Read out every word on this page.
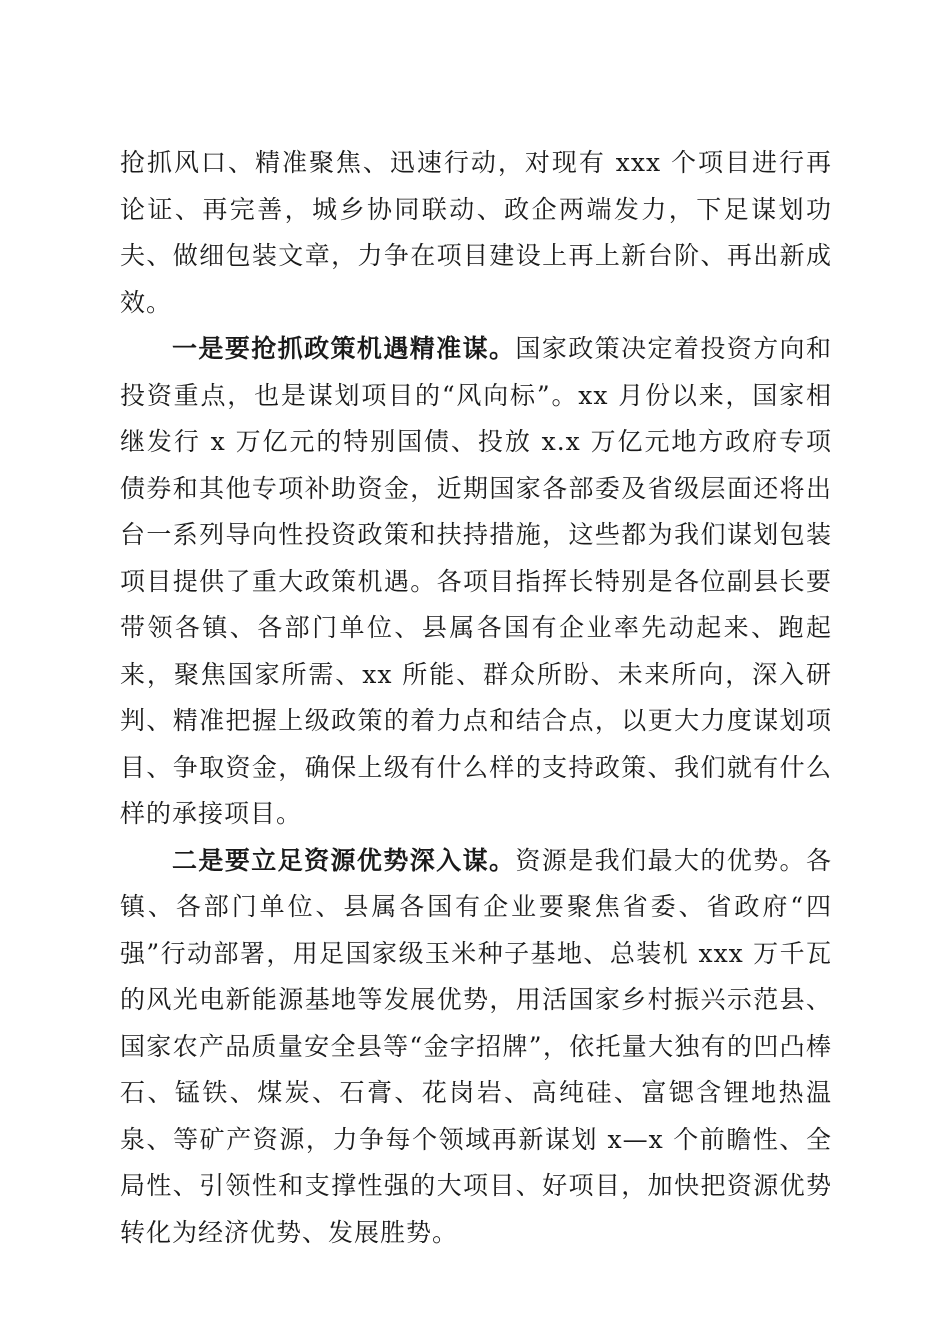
抢抓风口、精准聚焦、迅速行动，对现有 xxx 个项目进行再论证、再完善，城乡协同联动、政企两端发力，下足谋划功夫、做细包装文章，力争在项目建设上再上新台阶、再出新成效。

一是要抢抓政策机遇精准谋。国家政策决定着投资方向和投资重点，也是谋划项目的“风向标”。xx 月份以来，国家相继发行 x 万亿元的特别国债、投放 x.x 万亿元地方政府专项债券和其他专项补助资金，近期国家各部委及省级层面还将出台一系列导向性投资政策和扶持措施，这些都为我们谋划包装项目提供了重大政策机遇。各项目指挥长特别是各位副县长要带领各镇、各部门单位、县属各国有企业率先动起来、跑起来，聚焦国家所需、xx 所能、群众所盼、未来所向，深入研判、精准把握上级政策的着力点和结合点，以更大力度谋划项目、争取资金，确保上级有什么样的支持政策、我们就有什么样的承接项目。

二是要立足资源优势深入谋。资源是我们最大的优势。各镇、各部门单位、县属各国有企业要聚焦省委、省政府“四强”行动部署，用足国家级玉米种子基地、总装机 xxx 万千瓦的风光电新能源基地等发展优势，用活国家乡村振兴示范县、国家农产品质量安全县等“金字招牌”，依托量大独有的凹凸棒石、锰铁、煤炭、石膏、花岗岩、高纯硅、富锶含锂地热温泉、等矿产资源，力争每个领域再新谋划 x—x 个前瞻性、全局性、引领性和支撑性强的大项目、好项目，加快把资源优势转化为经济优势、发展胜势。
